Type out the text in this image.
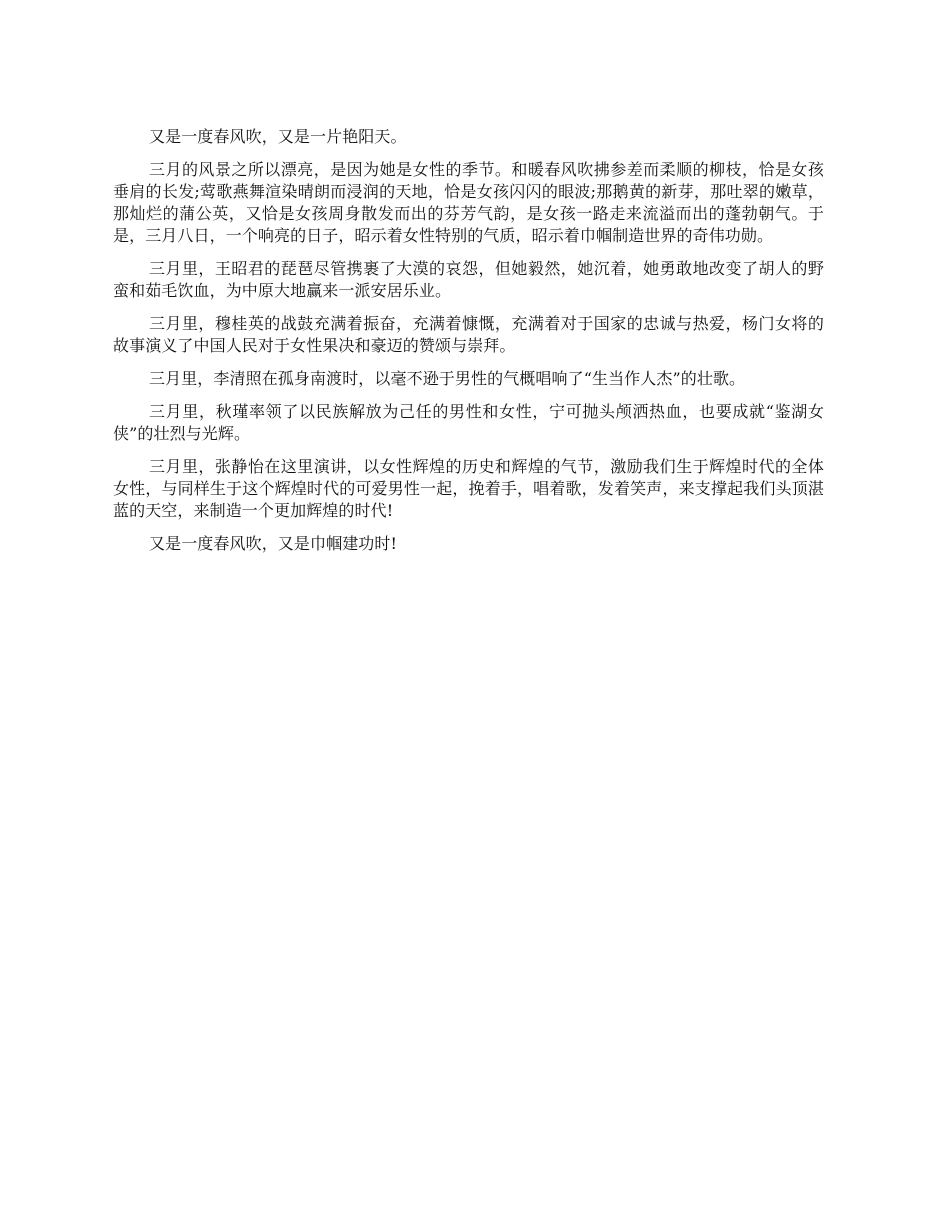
又是一度春风吹，又是一片艳阳天。

三月的风景之所以漂亮，是因为她是女性的季节。和暖春风吹拂参差而柔顺的柳枝，恰是女孩垂肩的长发;莺歌燕舞渲染晴朗而浸润的天地，恰是女孩闪闪的眼波;那鹅黄的新芽，那吐翠的嫩草，那灿烂的蒲公英，又恰是女孩周身散发而出的芬芳气韵，是女孩一路走来流溢而出的蓬勃朝气。于是，三月八日，一个响亮的日子，昭示着女性特别的气质，昭示着巾帼制造世界的奇伟功勋。

三月里，王昭君的琵琶尽管携裹了大漠的哀怨，但她毅然，她沉着，她勇敢地改变了胡人的野蛮和茹毛饮血，为中原大地赢来一派安居乐业。

三月里，穆桂英的战鼓充满着振奋，充满着慷慨，充满着对于国家的忠诚与热爱，杨门女将的故事演义了中国人民对于女性果决和豪迈的赞颂与崇拜。

三月里，李清照在孤身南渡时，以毫不逊于男性的气概唱响了“生当作人杰”的壮歌。

三月里，秋瑾率领了以民族解放为己任的男性和女性，宁可抛头颅洒热血，也要成就“鉴湖女侠”的壮烈与光辉。

三月里，张静怡在这里演讲，以女性辉煌的历史和辉煌的气节，激励我们生于辉煌时代的全体女性，与同样生于这个辉煌时代的可爱男性一起，挽着手，唱着歌，发着笑声，来支撑起我们头顶湛蓝的天空，来制造一个更加辉煌的时代!

又是一度春风吹，又是巾帼建功时!
